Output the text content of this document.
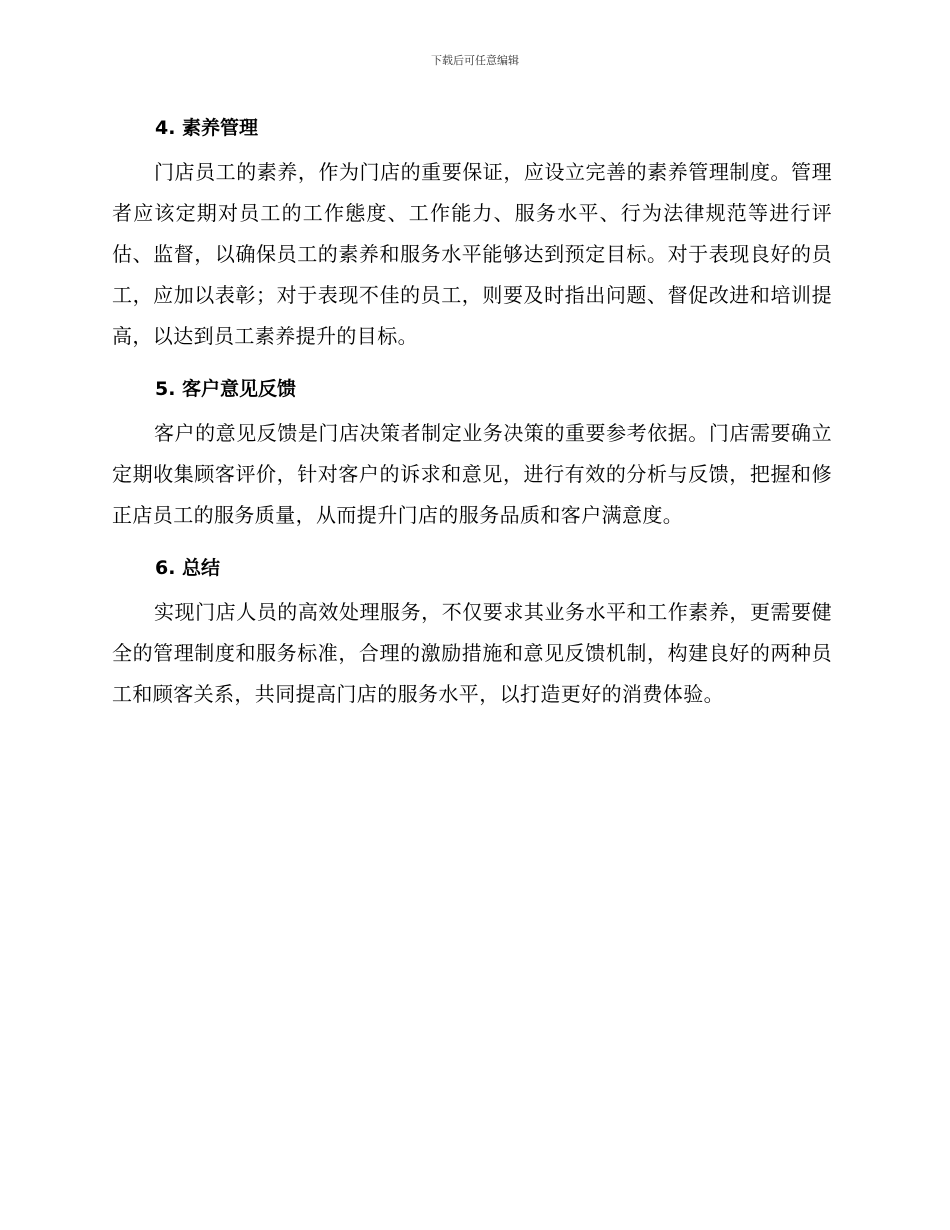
下载后可任意编辑
4. 素养管理

门店员工的素养，作为门店的重要保证，应设立完善的素养管理制度。管理者应该定期对员工的工作態度、工作能力、服务水平、行为法律规范等进行评估、监督，以确保员工的素养和服务水平能够达到预定目标。对于表现良好的员工，应加以表彰；对于表现不佳的员工，则要及时指出问题、督促改进和培训提高，以达到员工素养提升的目标。

5. 客户意见反馈

客户的意见反馈是门店决策者制定业务决策的重要参考依据。门店需要确立定期收集顾客评价，针对客户的诉求和意见，进行有效的分析与反馈，把握和修正店员工的服务质量，从而提升门店的服务品质和客户满意度。

6. 总结

实现门店人员的高效处理服务，不仅要求其业务水平和工作素养，更需要健全的管理制度和服务标准，合理的激励措施和意见反馈机制，构建良好的两种员工和顾客关系，共同提高门店的服务水平，以打造更好的消费体验。
